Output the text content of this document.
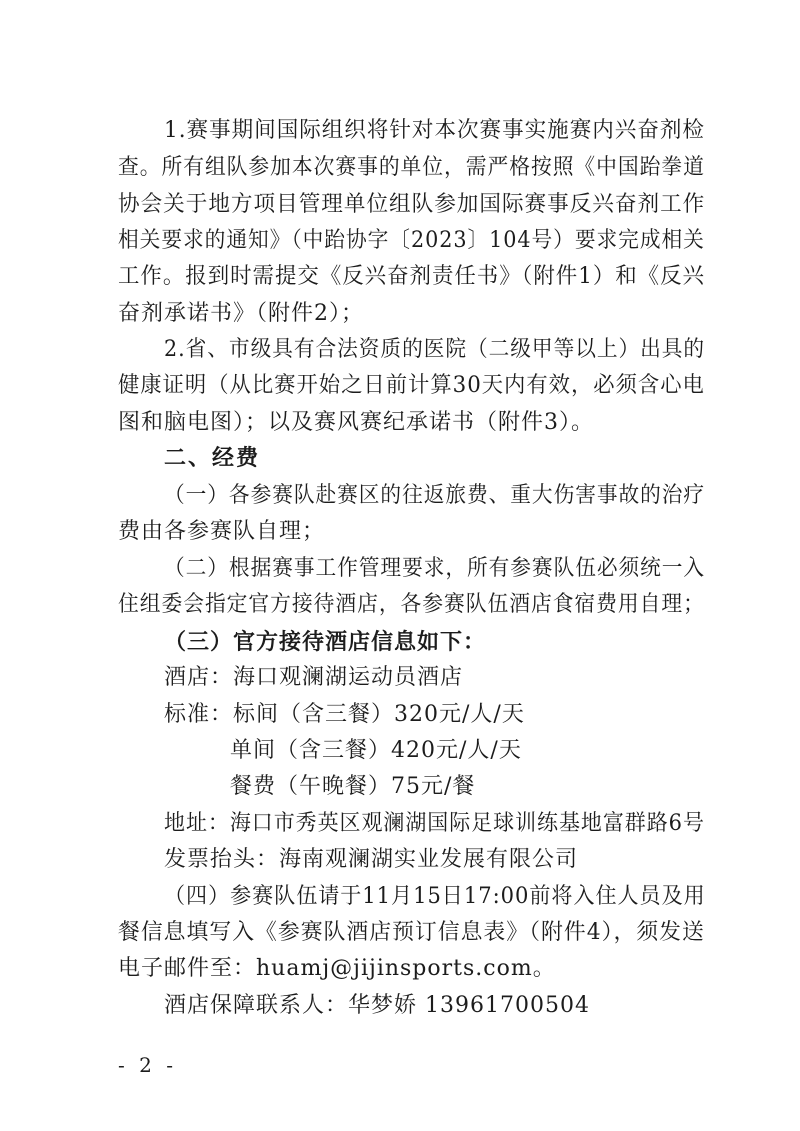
1.赛事期间国际组织将针对本次赛事实施赛内兴奋剂检
查。所有组队参加本次赛事的单位，需严格按照《中国跆拳道
协会关于地方项目管理单位组队参加国际赛事反兴奋剂工作
相关要求的通知》（中跆协字〔2023〕104号）要求完成相关
工作。报到时需提交《反兴奋剂责任书》（附件1）和《反兴
奋剂承诺书》（附件2）；
2.省、市级具有合法资质的医院（二级甲等以上）出具的
健康证明（从比赛开始之日前计算30天内有效，必须含心电
图和脑电图）；以及赛风赛纪承诺书（附件3）。
二、经费
（一）各参赛队赴赛区的往返旅费、重大伤害事故的治疗
费由各参赛队自理；
（二）根据赛事工作管理要求，所有参赛队伍必须统一入
住组委会指定官方接待酒店，各参赛队伍酒店食宿费用自理；
（三）官方接待酒店信息如下：
酒店：海口观澜湖运动员酒店
标准：标间（含三餐）320元/人/天
单间（含三餐）420元/人/天
餐费（午晚餐）75元/餐
地址：海口市秀英区观澜湖国际足球训练基地富群路6号
发票抬头：海南观澜湖实业发展有限公司
（四）参赛队伍请于11月15日17:00前将入住人员及用
餐信息填写入《参赛队酒店预订信息表》（附件4），须发送
电子邮件至：huamj@jijinsports.com。
酒店保障联系人：华梦娇 13961700504
- 2 -
